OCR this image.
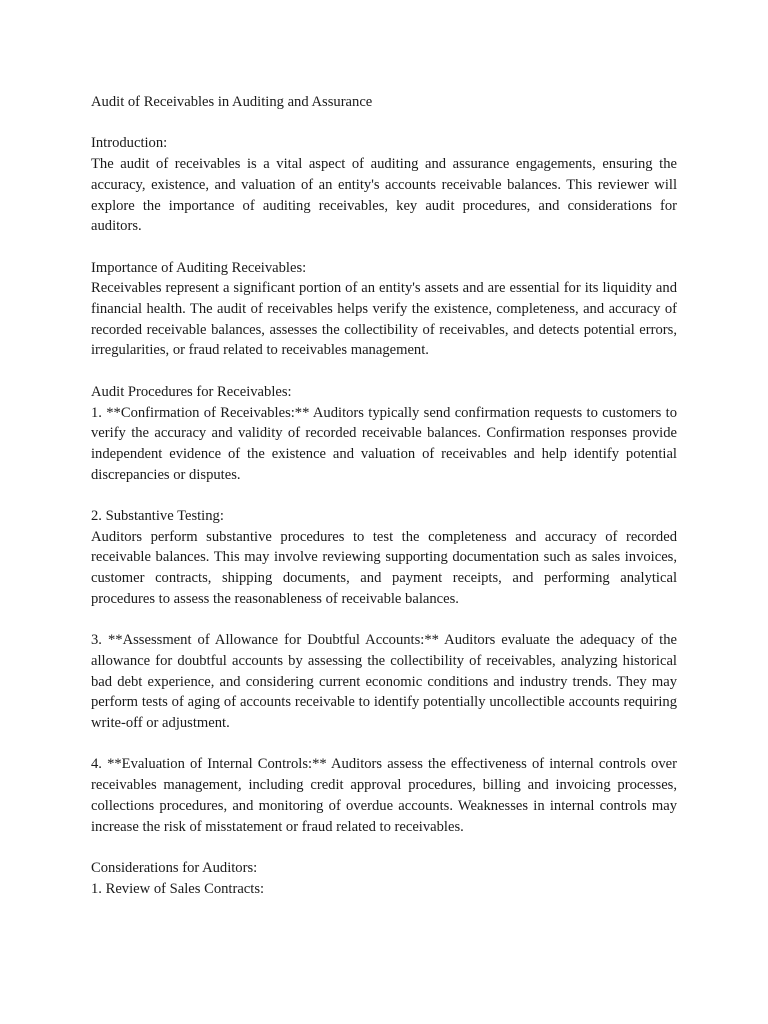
Audit of Receivables in Auditing and Assurance

Introduction:

The audit of receivables is a vital aspect of auditing and assurance engagements, ensuring the accuracy, existence, and valuation of an entity's accounts receivable balances. This reviewer will explore the importance of auditing receivables, key audit procedures, and considerations for auditors.

Importance of Auditing Receivables:

Receivables represent a significant portion of an entity's assets and are essential for its liquidity and financial health. The audit of receivables helps verify the existence, completeness, and accuracy of recorded receivable balances, assesses the collectibility of receivables, and detects potential errors, irregularities, or fraud related to receivables management.

Audit Procedures for Receivables:

1. **Confirmation of Receivables:** Auditors typically send confirmation requests to customers to verify the accuracy and validity of recorded receivable balances. Confirmation responses provide independent evidence of the existence and valuation of receivables and help identify potential discrepancies or disputes.

2. Substantive Testing:

Auditors perform substantive procedures to test the completeness and accuracy of recorded receivable balances. This may involve reviewing supporting documentation such as sales invoices, customer contracts, shipping documents, and payment receipts, and performing analytical procedures to assess the reasonableness of receivable balances.

3. **Assessment of Allowance for Doubtful Accounts:** Auditors evaluate the adequacy of the allowance for doubtful accounts by assessing the collectibility of receivables, analyzing historical bad debt experience, and considering current economic conditions and industry trends. They may perform tests of aging of accounts receivable to identify potentially uncollectible accounts requiring write-off or adjustment.

4. **Evaluation of Internal Controls:** Auditors assess the effectiveness of internal controls over receivables management, including credit approval procedures, billing and invoicing processes, collections procedures, and monitoring of overdue accounts. Weaknesses in internal controls may increase the risk of misstatement or fraud related to receivables.

Considerations for Auditors:

1. Review of Sales Contracts:
